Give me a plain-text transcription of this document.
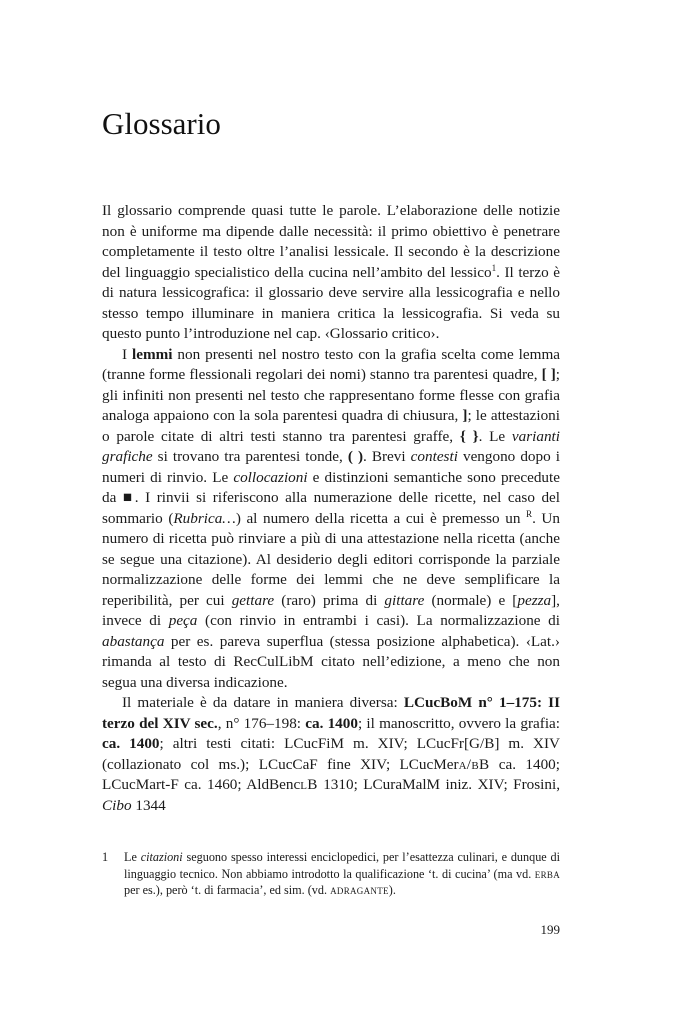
Glossario

Il glossario comprende quasi tutte le parole. L’elaborazione delle notizie non è uniforme ma dipende dalle necessità: il primo obiettivo è penetrare completamente il testo oltre l’analisi lessicale. Il secondo è la descrizione del linguaggio specialistico della cucina nell’ambito del lessico$^1$. Il terzo è di natura lessicografica: il glossario deve servire alla lessicografia e nello stesso tempo illuminare in maniera critica la lessicografia. Si veda su questo punto l’introduzione nel cap. ‹Glossario critico›.

I lemmi non presenti nel nostro testo con la grafia scelta come lemma (tranne forme flessionali regolari dei nomi) stanno tra parentesi quadre, [ ]; gli infiniti non presenti nel testo che rappresentano forme flesse con grafia analoga appaiono con la sola parentesi quadra di chiusura, ]; le attestazioni o parole citate di altri testi stanno tra parentesi graffe, { }. Le varianti grafiche si trovano tra parentesi tonde, ( ). Brevi contesti vengono dopo i numeri di rinvio. Le collocazioni e distinzioni semantiche sono precedute da ■. I rinvii si riferiscono alla numerazione delle ricette, nel caso del sommario (Rubrica…) al numero della ricetta a cui è premesso un $^R$. Un numero di ricetta può rinviare a più di una attestazione nella ricetta (anche se segue una citazione). Al desiderio degli editori corrisponde la parziale normalizzazione delle forme dei lemmi che ne deve semplificare la reperibilità, per cui gettare (raro) prima di gittare (normale) e [pezza], invece di peça (con rinvio in entrambi i casi). La normalizzazione di abastança per es. pareva superflua (stessa posizione alphabetica). ‹Lat.› rimanda al testo di RecCulLibM citato nell’edizione, a meno che non segua una diversa indicazione.

Il materiale è da datare in maniera diversa: LCucBoM n° 1–175: II terzo del XIV sec., n° 176–198: ca. 1400; il manoscritto, ovvero la grafia: ca. 1400; altri testi citati: LCucFiM m. XIV; LCucFr[G/B] m. XIV (collazionato col ms.); LCucCaF fine XIV; LCucMera/bB ca. 1400; LCucMart-F ca. 1460; AldBenclB 1310; LCuraMalM iniz. XIV; Frosini, Cibo 1344

1 Le citazioni seguono spesso interessi enciclopedici, per l’esattezza culinari, e dunque di linguaggio tecnico. Non abbiamo introdotto la qualificazione ‘t. di cucina’ (ma vd. erba per es.), però ‘t. di farmacia’, ed sim. (vd. adragante).
199
